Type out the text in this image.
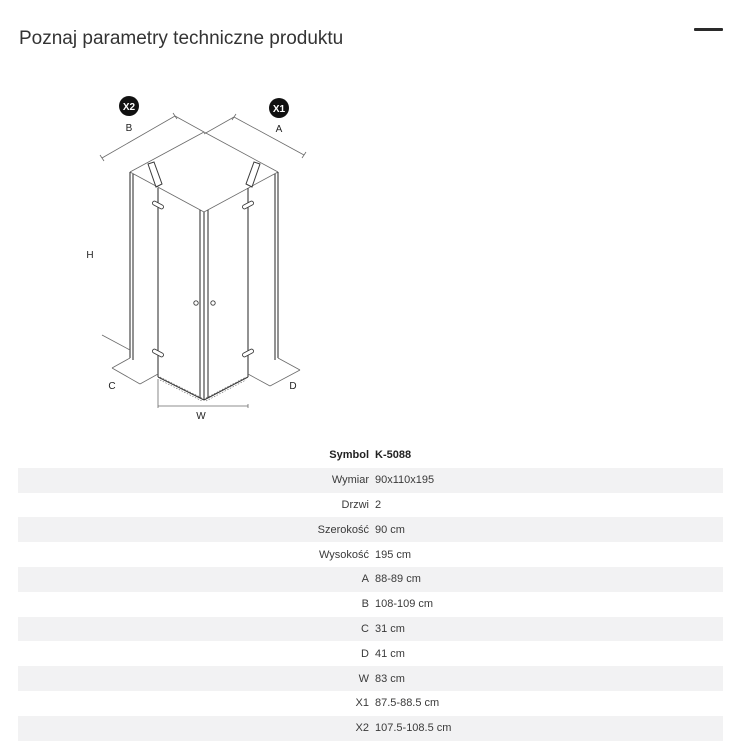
Poznaj parametry techniczne produktu
X2	X1
B	A
H
C	D
W
Symbol	K-5088
Wymiar	90x110x195
Drzwi	2
Szerokość	90 cm
Wysokość	195 cm
A	88-89 cm
B	108-109 cm
C	31 cm
D	41 cm
W	83 cm
X1	87.5-88.5 cm
X2	107.5-108.5 cm
